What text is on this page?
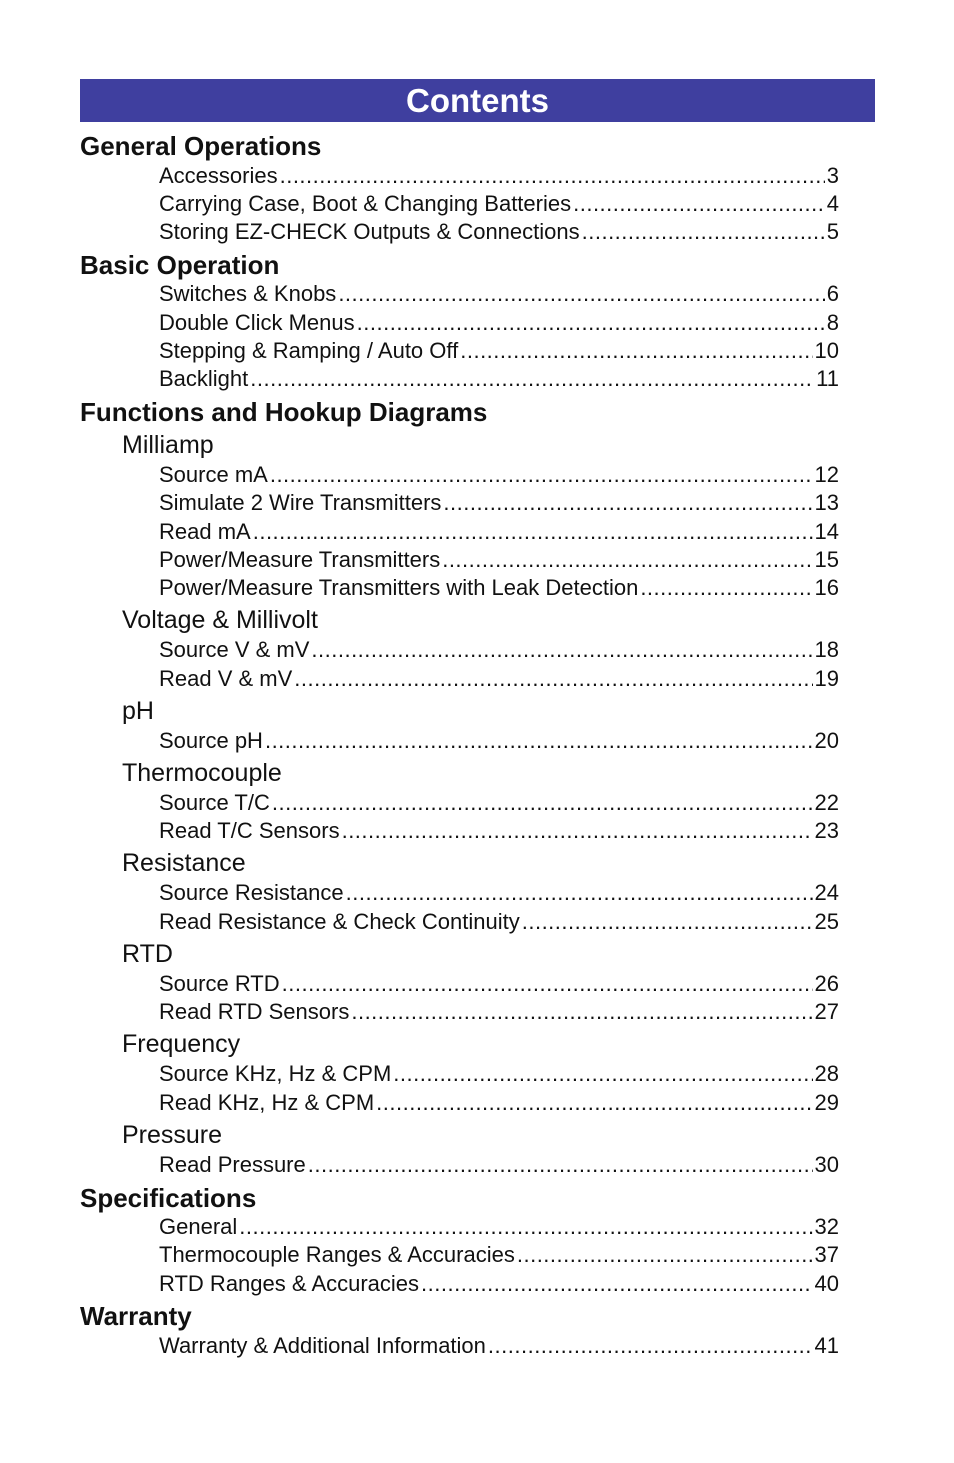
Contents
General Operations
Accessories .....	3
Carrying Case, Boot & Changing Batteries .....	4
Storing EZ-CHECK Outputs & Connections .....	5
Basic Operation
Switches & Knobs .....	6
Double Click Menus .....	8
Stepping & Ramping / Auto Off .....	10
Backlight .....	11
Functions and Hookup Diagrams
Milliamp
Source mA .....	12
Simulate 2 Wire Transmitters .....	13
Read mA .....	14
Power/Measure Transmitters .....	15
Power/Measure Transmitters with Leak Detection .....	16
Voltage & Millivolt
Source V & mV .....	18
Read V & mV .....	19
pH
Source pH .....	20
Thermocouple
Source T/C .....	22
Read T/C Sensors .....	23
Resistance
Source Resistance .....	24
Read Resistance & Check Continuity .....	25
RTD
Source RTD .....	26
Read RTD Sensors .....	27
Frequency
Source KHz, Hz & CPM .....	28
Read KHz, Hz & CPM .....	29
Pressure
Read Pressure .....	30
Specifications
General .....	32
Thermocouple Ranges & Accuracies .....	37
RTD Ranges & Accuracies .....	40
Warranty
Warranty & Additional Information .....	41
